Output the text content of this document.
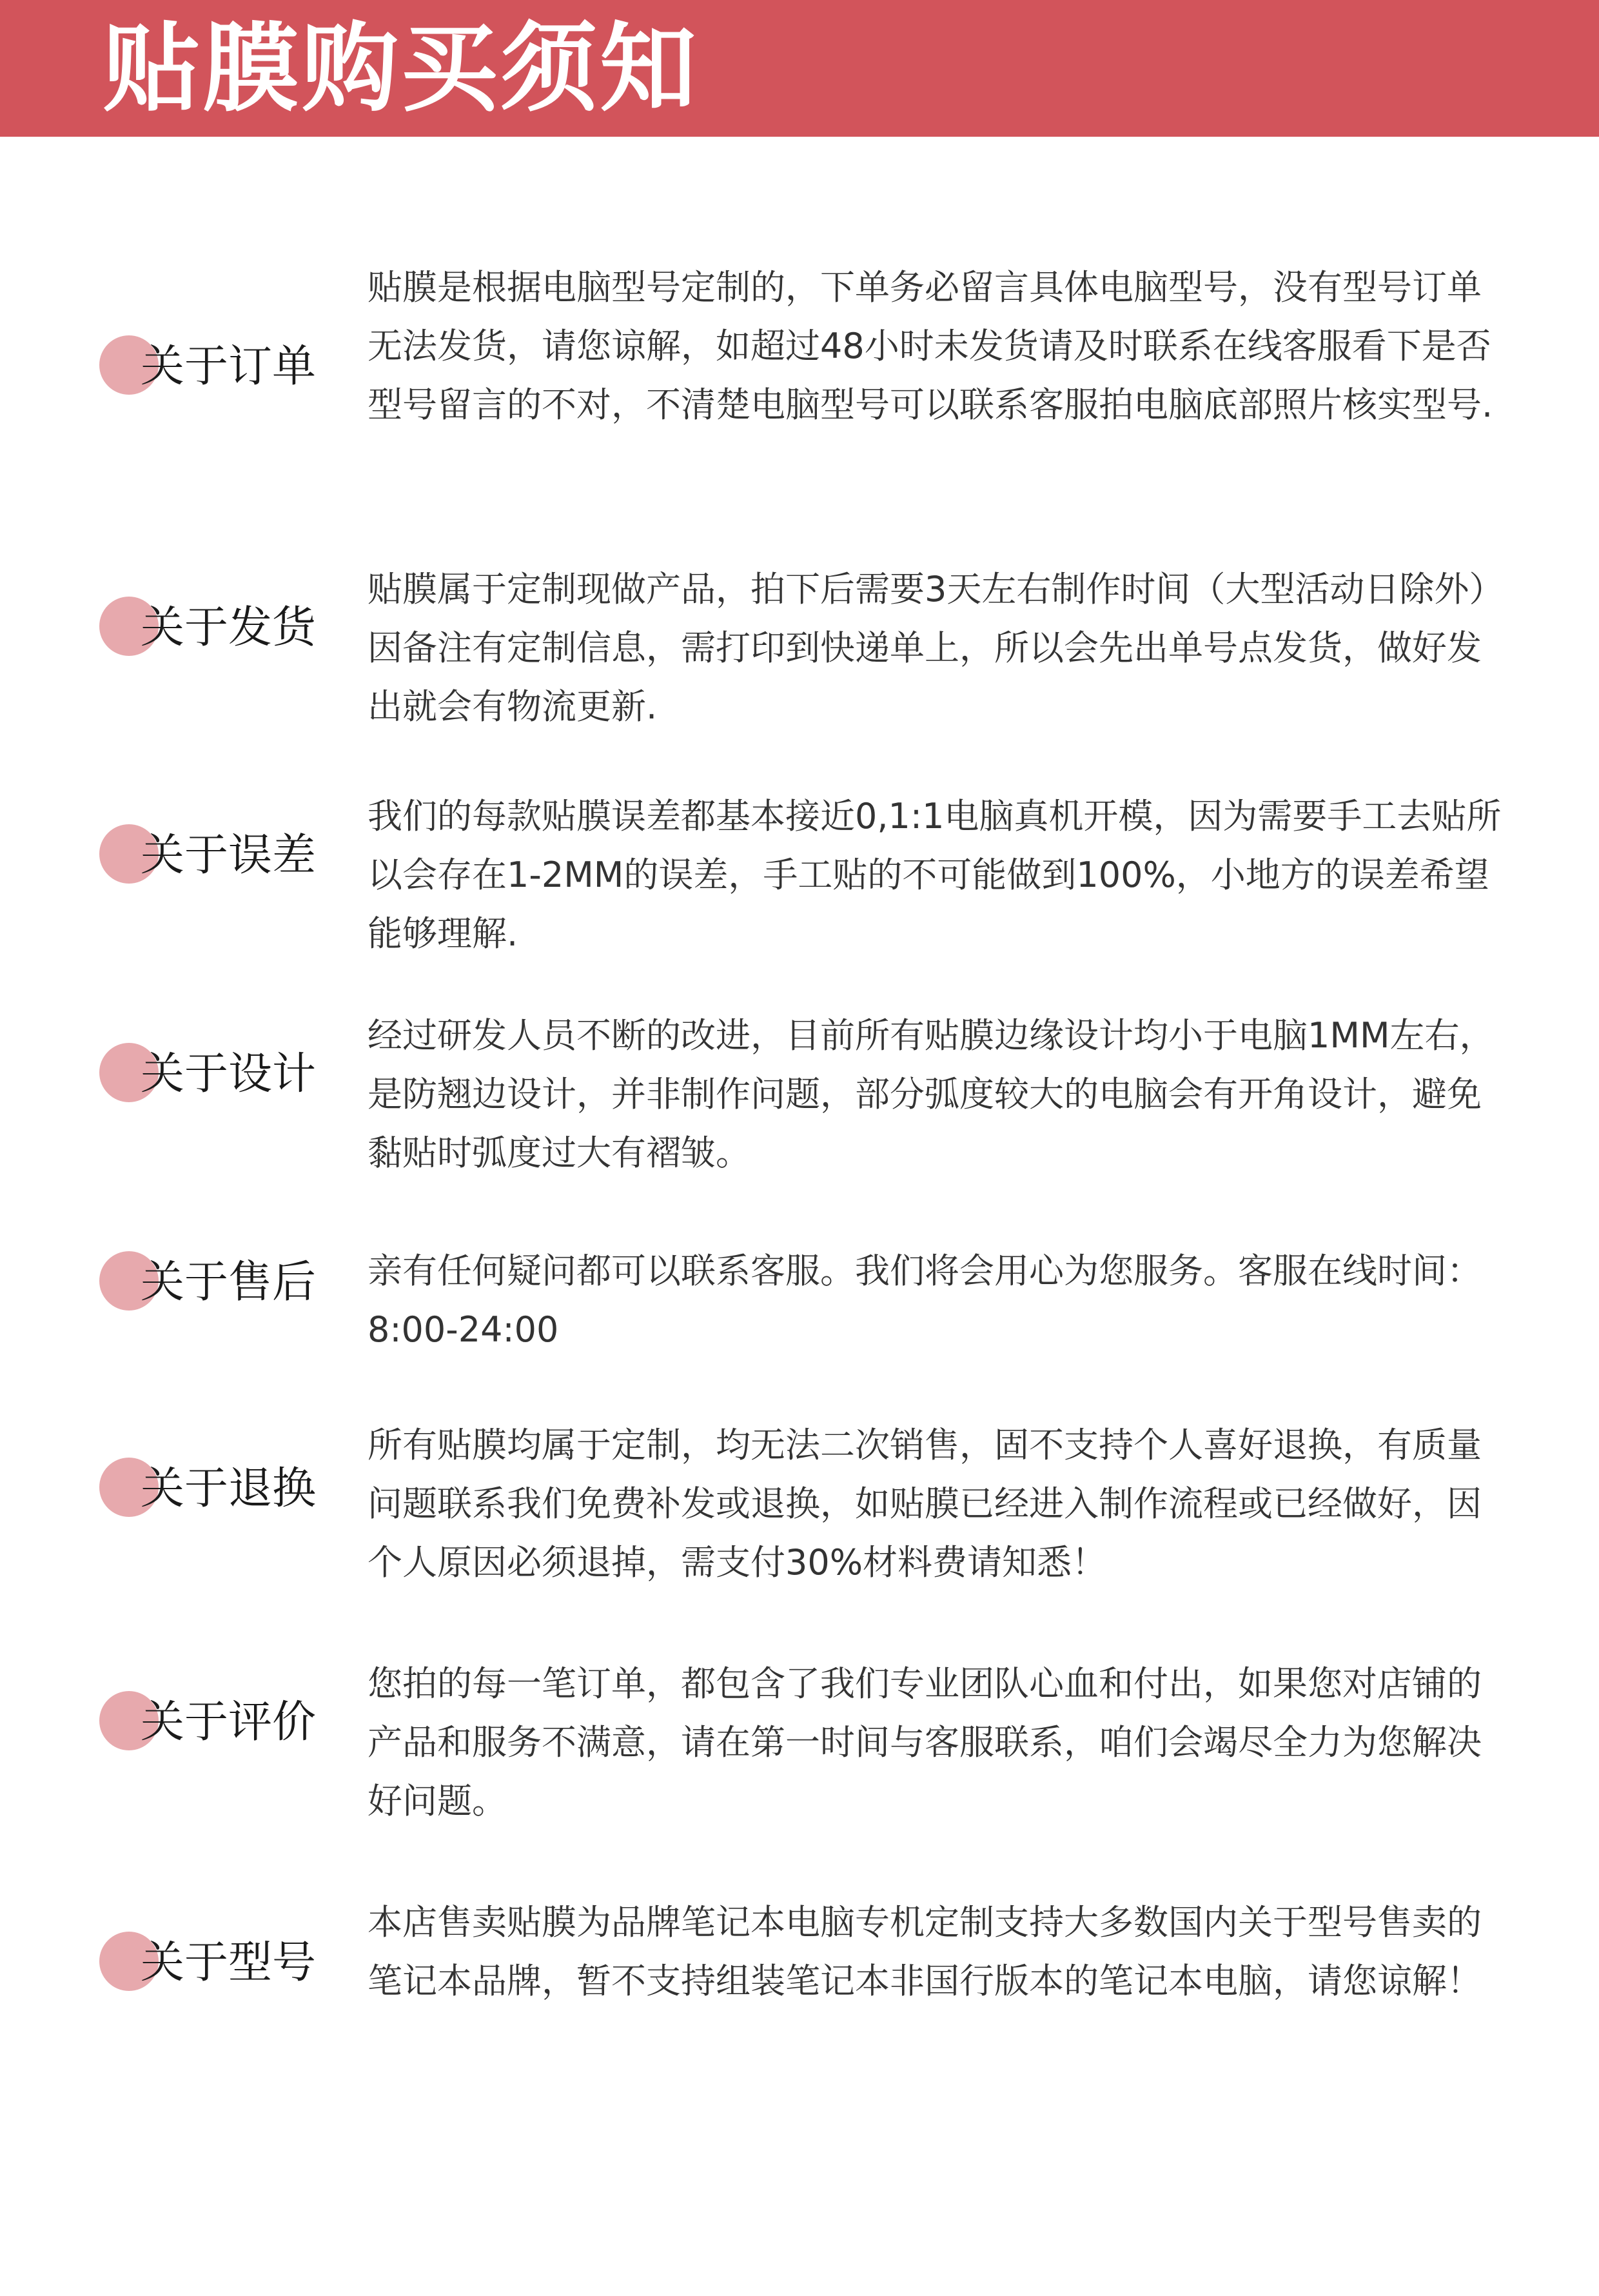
贴膜购买须知
关于订单
贴膜是根据电脑型号定制的，下单务必留言具体电脑型号，没有型号订单无法发货，请您谅解，如超过48小时未发货请及时联系在线客服看下是否型号留言的不对，不清楚电脑型号可以联系客服拍电脑底部照片核实型号.
关于发货
贴膜属于定制现做产品，拍下后需要3天左右制作时间（大型活动日除外）因备注有定制信息，需打印到快递单上，所以会先出单号点发货，做好发出就会有物流更新.
关于误差
我们的每款贴膜误差都基本接近0,1:1电脑真机开模，因为需要手工去贴所以会存在1-2MM的误差，手工贴的不可能做到100%，小地方的误差希望能够理解.
关于设计
经过研发人员不断的改进，目前所有贴膜边缘设计均小于电脑1MM左右，是防翘边设计，并非制作问题，部分弧度较大的电脑会有开角设计，避免黏贴时弧度过大有褶皱。
关于售后 亲有任何疑问都可以联系客服。我们将会用心为您服务。客服在线时间：8:00-24:00
关于退换
所有贴膜均属于定制，均无法二次销售，固不支持个人喜好退换，有质量问题联系我们免费补发或退换，如贴膜已经进入制作流程或已经做好，因个人原因必须退掉，需支付30%材料费请知悉！
关于评价
您拍的每一笔订单，都包含了我们专业团队心血和付出，如果您对店铺的产品和服务不满意，请在第一时间与客服联系，咱们会竭尽全力为您解决好问题。
关于型号
本店售卖贴膜为品牌笔记本电脑专机定制支持大多数国内关于型号售卖的笔记本品牌，暂不支持组装笔记本非国行版本的笔记本电脑，请您谅解！
